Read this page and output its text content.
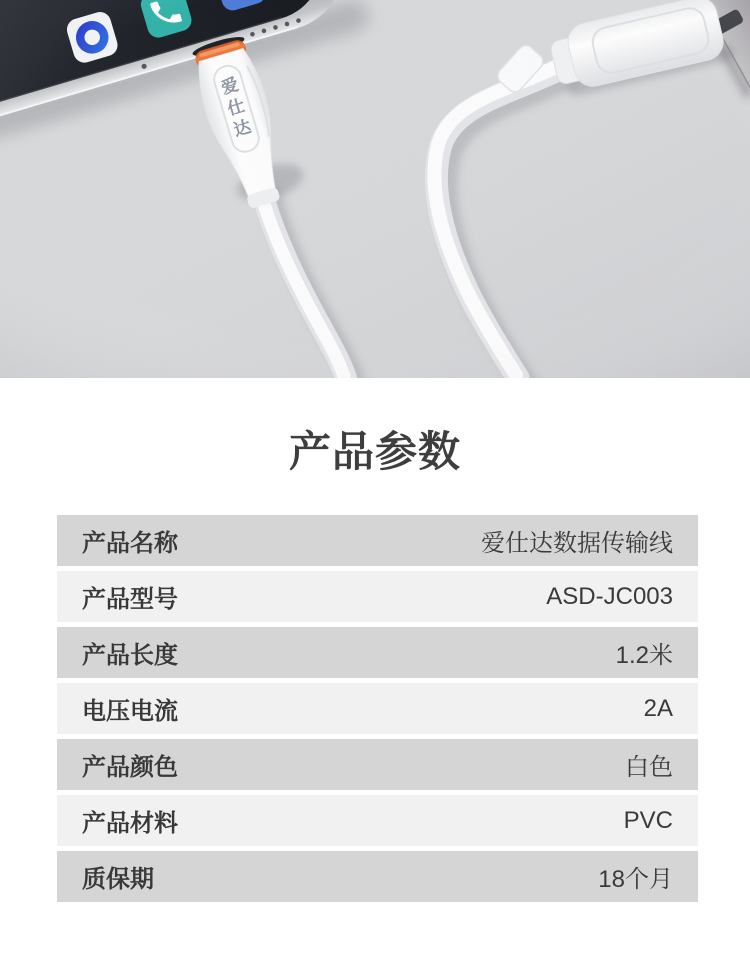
产品参数
产品名称	爱仕达数据传输线
产品型号	ASD-JC003
产品长度	1.2米
电压电流	2A
产品颜色	白色
产品材料	PVC
质保期	18个月
